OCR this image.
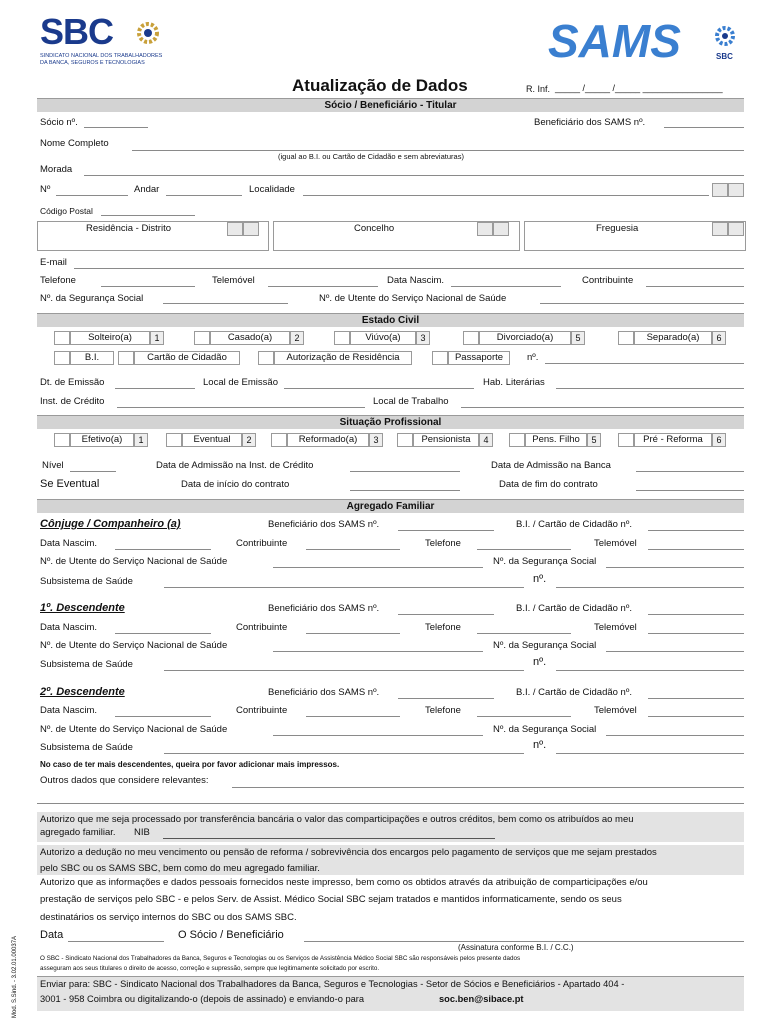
SBC
SINDICATO NACIONAL DOS TRABALHADORES
DA BANCA, SEGUROS E TECNOLOGIAS	SAMS	SBC
Atualização de Dados	R. Inf. _____ /_____ /_____ ________________
Sócio / Beneficiário - Titular
Sócio nº.	Beneficiário dos SAMS nº.
Nome Completo
(igual ao B.I. ou Cartão de Cidadão e sem abreviaturas)
Morada
Nº	Andar	Localidade
Código Postal
Residência - Distrito	Concelho	Freguesia
E-mail
Telefone	Telemóvel	Data Nascim.	Contribuinte
Nº. da Segurança Social	Nº. de Utente do Serviço Nacional de Saúde
Estado Civil
Solteiro(a)	1	Casado(a)	2	Viúvo(a)	3	Divorciado(a)	5	Separado(a)	6
B.I.	Cartão de Cidadão	Autorização de Residência	Passaporte	nº.
Dt. de Emissão	Local de Emissão	Hab. Literárias
Inst. de Crédito	Local de Trabalho
Situação Profissional
Efetivo(a)	1	Eventual	2	Reformado(a)	3	Pensionista	4	Pens. Filho	5	Pré - Reforma	6
Nível	Data de Admissão na Inst. de Crédito	Data de Admissão na Banca
Se Eventual	Data de início do contrato	Data de fim do contrato
Agregado Familiar
Cônjuge / Companheiro (a)	Beneficiário dos SAMS nº.	B.I. / Cartão de Cidadão nº.
Data Nascim.	Contribuinte	Telefone	Telemóvel
Nº. de Utente do Serviço Nacional de Saúde	Nº. da Segurança Social
Subsistema de Saúde	nº.
1º. Descendente	Beneficiário dos SAMS nº.	B.I. / Cartão de Cidadão nº.
Data Nascim.	Contribuinte	Telefone	Telemóvel
Nº. de Utente do Serviço Nacional de Saúde	Nº. da Segurança Social
Subsistema de Saúde	nº.
2º. Descendente	Beneficiário dos SAMS nº.	B.I. / Cartão de Cidadão nº.
Data Nascim.	Contribuinte	Telefone	Telemóvel
Nº. de Utente do Serviço Nacional de Saúde	Nº. da Segurança Social
Subsistema de Saúde	nº.
No caso de ter mais descendentes, queira por favor adicionar mais impressos.
Outros dados que considere relevantes:
Autorizo que me seja processado por transferência bancária o valor das comparticipações e outros créditos, bem como os atribuídos ao meu
agregado familiar. NIB
Autorizo a dedução no meu vencimento ou pensão de reforma / sobrevivência dos encargos pelo pagamento de serviços que me sejam prestados
pelo SBC ou os SAMS SBC, bem como do meu agregado familiar.
Autorizo que as informações e dados pessoais fornecidos neste impresso, bem como os obtidos através da atribuição de comparticipações e/ou
prestação de serviços pelo SBC - e pelos Serv. de Assist. Médico Social SBC sejam tratados e mantidos informaticamente, sendo os seus
destinatários os serviço internos do SBC ou dos SAMS SBC.
Data	O Sócio / Beneficiário
(Assinatura conforme B.I. / C.C.)
O SBC - Sindicato Nacional dos Trabalhadores da Banca, Seguros e Tecnologias ou os Serviços de Assistência Médico Social SBC são responsáveis pelos presente dados
asseguram aos seus titulares o direito de acesso, correção e supressão, sempre que legitimamente solicitado por escrito.
Enviar para: SBC - Sindicato Nacional dos Trabalhadores da Banca, Seguros e Tecnologias - Setor de Sócios e Beneficiários - Apartado 404 -
3001 - 958 Coimbra ou digitalizando-o (depois de assinado) e enviando-o para	soc.ben@sibace.pt
Mod. S.Sind. - 3.02.01.00037A
